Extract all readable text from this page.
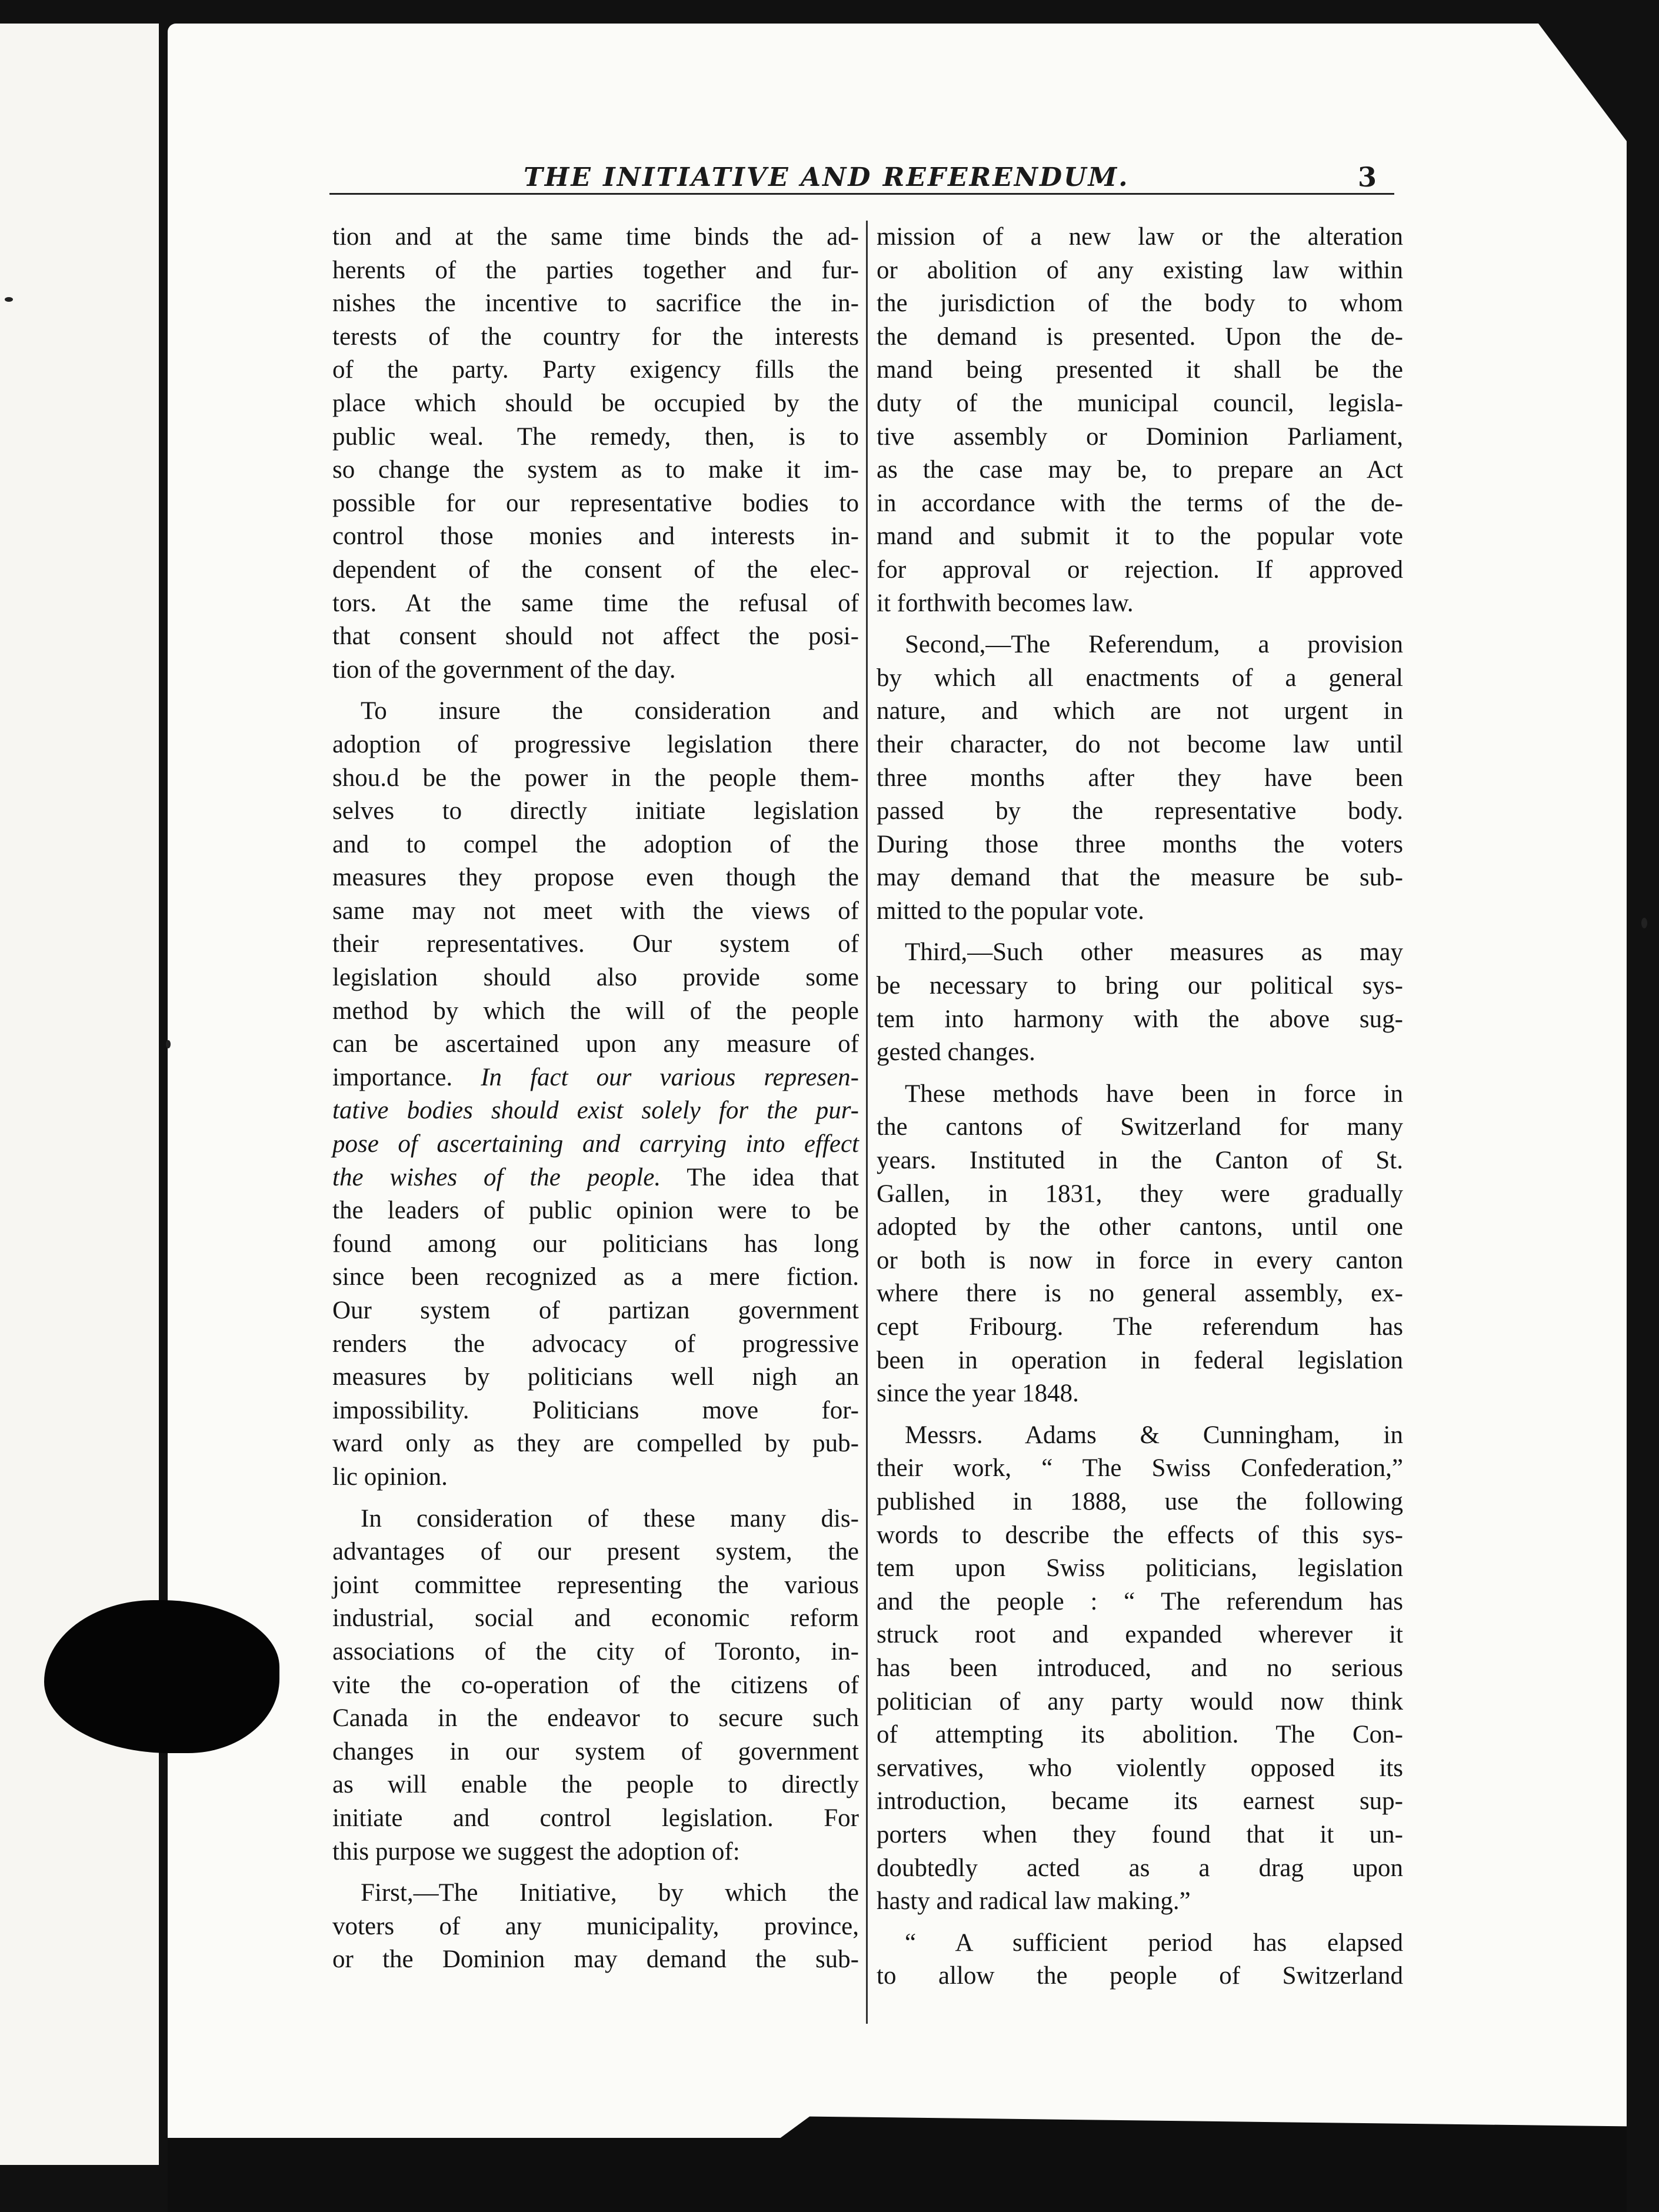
THE INITIATIVE AND REFERENDUM.	3
tion and at the same time binds the ad-
herents of the parties together and fur-
nishes the incentive to sacrifice the in-
terests of the country for the interests
of the party. Party exigency fills the
place which should be occupied by the
public weal. The remedy, then, is to
so change the system as to make it im-
possible for our representative bodies to
control those monies and interests in-
dependent of the consent of the elec-
tors. At the same time the refusal of
that consent should not affect the posi-
tion of the government of the day.
To insure the consideration and
adoption of progressive legislation there
shou.d be the power in the people them-
selves to directly initiate legislation
and to compel the adoption of the
measures they propose even though the
same may not meet with the views of
their representatives. Our system of
legislation should also provide some
method by which the will of the people
can be ascertained upon any measure of
importance. In fact our various represen-
tative bodies should exist solely for the pur-
pose of ascertaining and carrying into effect
the wishes of the people. The idea that
the leaders of public opinion were to be
found among our politicians has long
since been recognized as a mere fiction.
Our system of partizan government
renders the advocacy of progressive
measures by politicians well nigh an
impossibility. Politicians move for-
ward only as they are compelled by pub-
lic opinion.
In consideration of these many dis-
advantages of our present system, the
joint committee representing the various
industrial, social and economic reform
associations of the city of Toronto, in-
vite the co-operation of the citizens of
Canada in the endeavor to secure such
changes in our system of government
as will enable the people to directly
initiate and control legislation. For
this purpose we suggest the adoption of:
First,—The Initiative, by which the
voters of any municipality, province,
or the Dominion may demand the sub-
mission of a new law or the alteration
or abolition of any existing law within
the jurisdiction of the body to whom
the demand is presented. Upon the de-
mand being presented it shall be the
duty of the municipal council, legisla-
tive assembly or Dominion Parliament,
as the case may be, to prepare an Act
in accordance with the terms of the de-
mand and submit it to the popular vote
for approval or rejection. If approved
it forthwith becomes law.
Second,—The Referendum, a provision
by which all enactments of a general
nature, and which are not urgent in
their character, do not become law until
three months after they have been
passed by the representative body.
During those three months the voters
may demand that the measure be sub-
mitted to the popular vote.
Third,—Such other measures as may
be necessary to bring our political sys-
tem into harmony with the above sug-
gested changes.
These methods have been in force in
the cantons of Switzerland for many
years. Instituted in the Canton of St.
Gallen, in 1831, they were gradually
adopted by the other cantons, until one
or both is now in force in every canton
where there is no general assembly, ex-
cept Fribourg. The referendum has
been in operation in federal legislation
since the year 1848.
Messrs. Adams & Cunningham, in
their work, “ The Swiss Confederation,”
published in 1888, use the following
words to describe the effects of this sys-
tem upon Swiss politicians, legislation
and the people : “ The referendum has
struck root and expanded wherever it
has been introduced, and no serious
politician of any party would now think
of attempting its abolition. The Con-
servatives, who violently opposed its
introduction, became its earnest sup-
porters when they found that it un-
doubtedly acted as a drag upon
hasty and radical law making.”
“ A sufficient period has elapsed
to allow the people of Switzerland
